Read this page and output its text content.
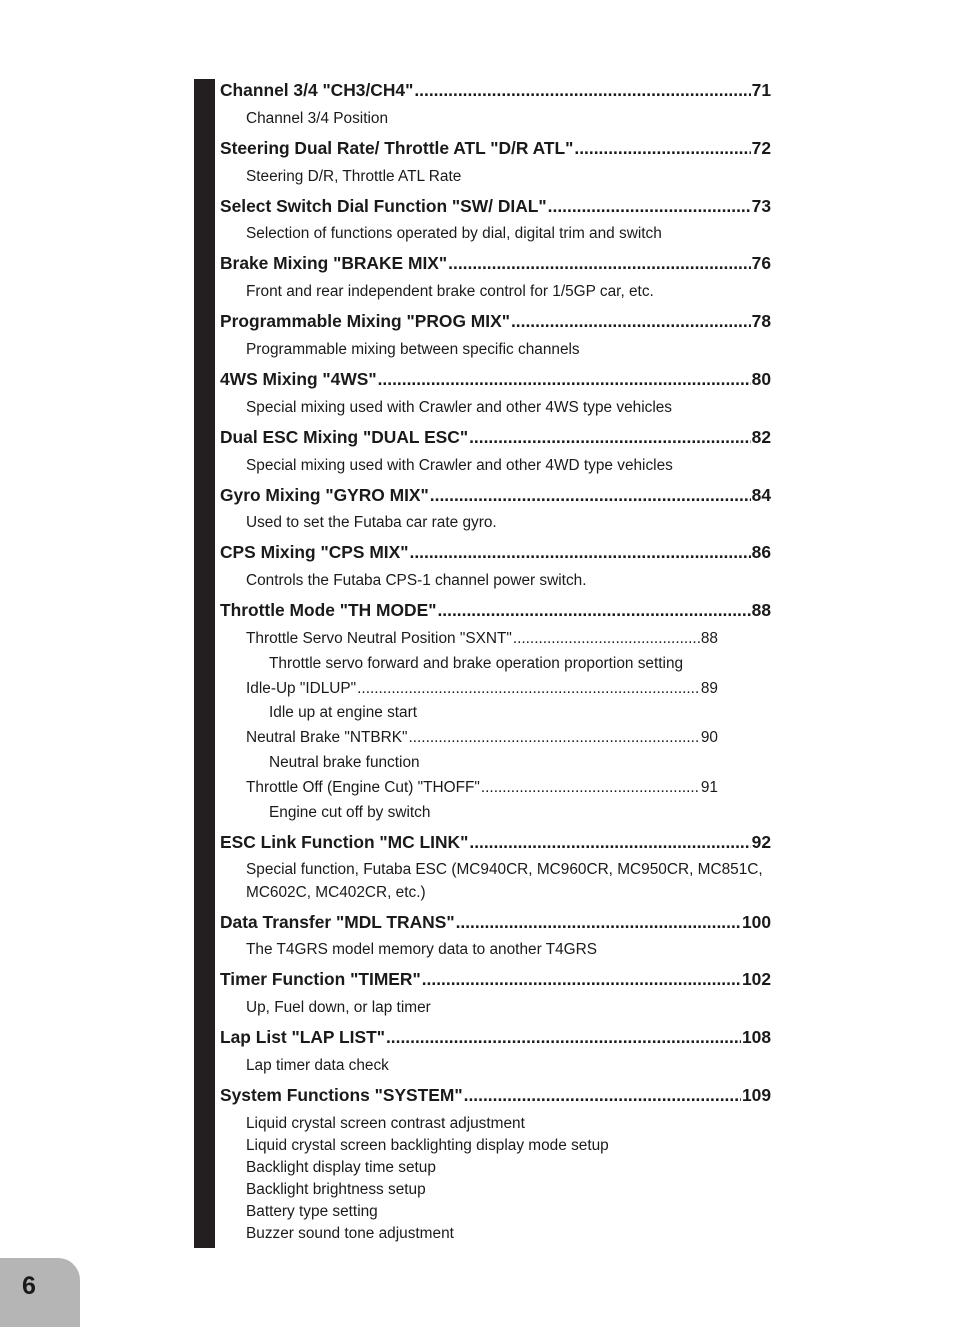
Channel 3/4 "CH3/CH4" .....	71
Channel 3/4 Position
Steering Dual Rate/ Throttle ATL "D/R ATL" .....	72
Steering D/R, Throttle ATL Rate
Select Switch Dial Function "SW/ DIAL" .....	73
Selection of functions operated by dial, digital trim and switch
Brake Mixing "BRAKE MIX" .....	76
Front and rear independent brake control for 1/5GP car, etc.
Programmable Mixing "PROG MIX" .....	78
Programmable mixing between specific channels
4WS Mixing "4WS" .....	80
Special mixing used with Crawler and other 4WS type vehicles
Dual ESC Mixing "DUAL ESC" .....	82
Special mixing used with Crawler and other 4WD type vehicles
Gyro Mixing "GYRO MIX" .....	84
Used to set the Futaba car rate gyro.
CPS Mixing "CPS MIX" .....	86
Controls the Futaba CPS-1 channel power switch.
Throttle Mode "TH MODE" .....	88
Throttle Servo Neutral Position "SXNT" .....	88
Throttle servo forward and brake operation proportion setting
Idle-Up "IDLUP" .....	89
Idle up at engine start
Neutral Brake "NTBRK" .....	90
Neutral brake function
Throttle Off (Engine Cut) "THOFF" .....	91
Engine cut off by switch
ESC Link Function "MC LINK" .....	92
Special function, Futaba ESC (MC940CR, MC960CR, MC950CR, MC851C,
MC602C, MC402CR, etc.)
Data Transfer "MDL TRANS" .....	100
The T4GRS model memory data to another T4GRS
Timer Function "TIMER" .....	102
Up, Fuel down, or lap timer
Lap List "LAP LIST" .....	108
Lap timer data check
System Functions "SYSTEM" .....	109
Liquid crystal screen contrast adjustment
Liquid crystal screen backlighting display mode setup
Backlight display time setup
Backlight brightness setup
Battery type setting
Buzzer sound tone adjustment
6
